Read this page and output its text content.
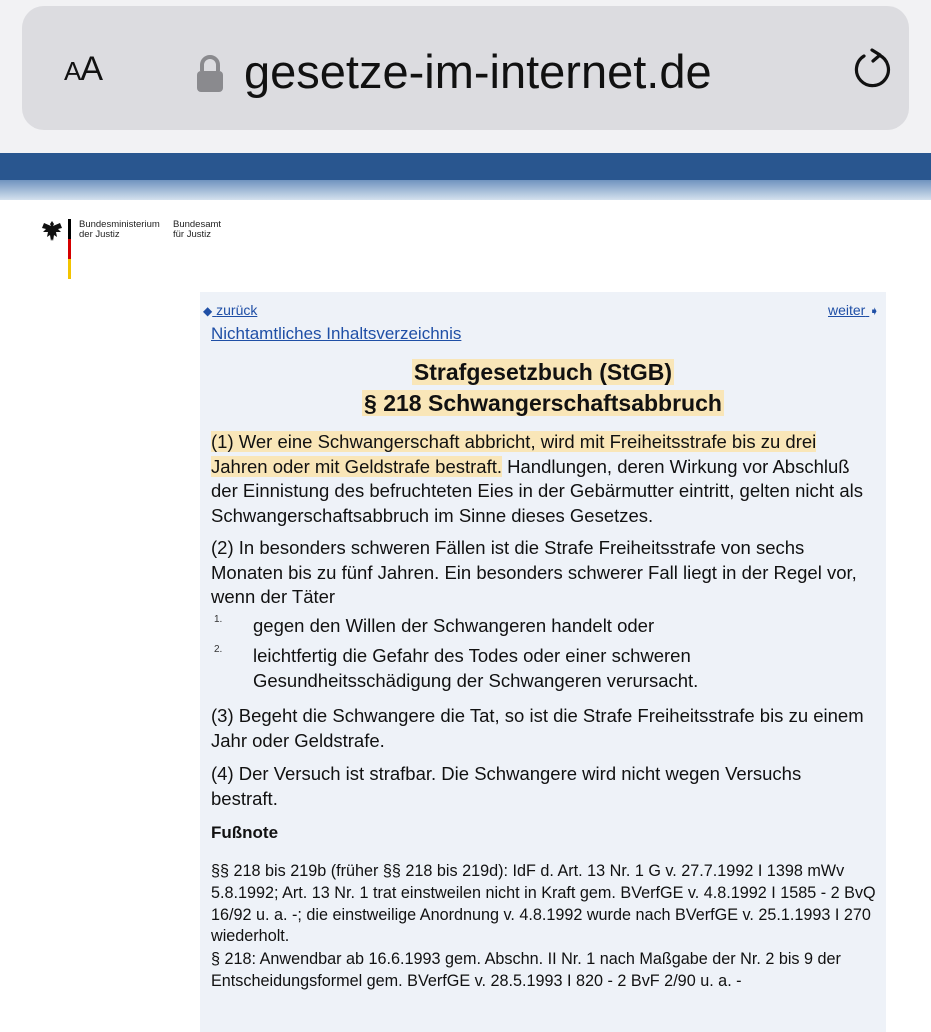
AA	gesetze-im-internet.de
Bundesministerium
der Justiz
Bundesamt
für Justiz
◆ zurück	weiter ➧
Nichtamtliches Inhaltsverzeichnis
Strafgesetzbuch (StGB)
§ 218 Schwangerschaftsabbruch
(1) Wer eine Schwangerschaft abbricht, wird mit Freiheitsstrafe bis zu drei Jahren oder mit Geldstrafe bestraft. Handlungen, deren Wirkung vor Abschluß der Einnistung des befruchteten Eies in der Gebärmutter eintritt, gelten nicht als Schwangerschaftsabbruch im Sinne dieses Gesetzes.
(2) In besonders schweren Fällen ist die Strafe Freiheitsstrafe von sechs Monaten bis zu fünf Jahren. Ein besonders schwerer Fall liegt in der Regel vor, wenn der Täter
1. gegen den Willen der Schwangeren handelt oder
2. leichtfertig die Gefahr des Todes oder einer schweren Gesundheitsschädigung der Schwangeren verursacht.
(3) Begeht die Schwangere die Tat, so ist die Strafe Freiheitsstrafe bis zu einem Jahr oder Geldstrafe.
(4) Der Versuch ist strafbar. Die Schwangere wird nicht wegen Versuchs bestraft.
Fußnote
§§ 218 bis 219b (früher §§ 218 bis 219d): IdF d. Art. 13 Nr. 1 G v. 27.7.1992 I 1398 mWv 5.8.1992; Art. 13 Nr. 1 trat einstweilen nicht in Kraft gem. BVerfGE v. 4.8.1992 I 1585 - 2 BvQ 16/92 u. a. -; die einstweilige Anordnung v. 4.8.1992 wurde nach BVerfGE v. 25.1.1993 I 270 wiederholt.
§ 218: Anwendbar ab 16.6.1993 gem. Abschn. II Nr. 1 nach Maßgabe der Nr. 2 bis 9 der Entscheidungsformel gem. BVerfGE v. 28.5.1993 I 820 - 2 BvF 2/90 u. a. -
